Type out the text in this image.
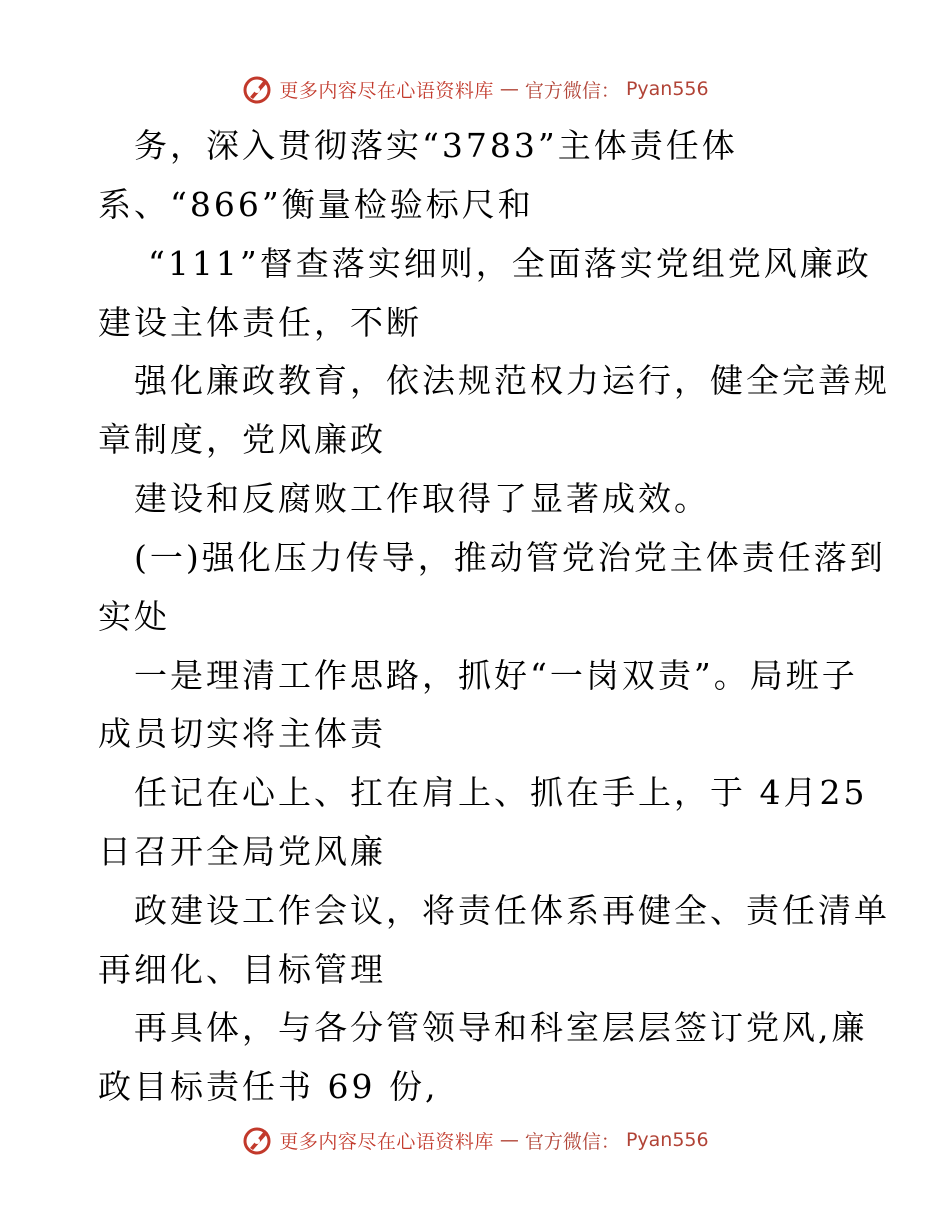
更多内容尽在心语资料库 — 官方微信： Pyan556
务，深入贯彻落实“3783”主体责任体
系、“866”衡量检验标尺和
“111”督查落实细则，全面落实党组党风廉政
建设主体责任，不断
强化廉政教育，依法规范权力运行，健全完善规
章制度，党风廉政
建设和反腐败工作取得了显著成效。
(一)强化压力传导，推动管党治党主体责任落到
实处
一是理清工作思路，抓好“一岗双责”。局班子
成员切实将主体责
任记在心上、扛在肩上、抓在手上，于 4月25
日召开全局党风廉
政建设工作会议，将责任体系再健全、责任清单
再细化、目标管理
再具体，与各分管领导和科室层层签订党风,廉
政目标责任书 69 份,
更多内容尽在心语资料库 — 官方微信： Pyan556
